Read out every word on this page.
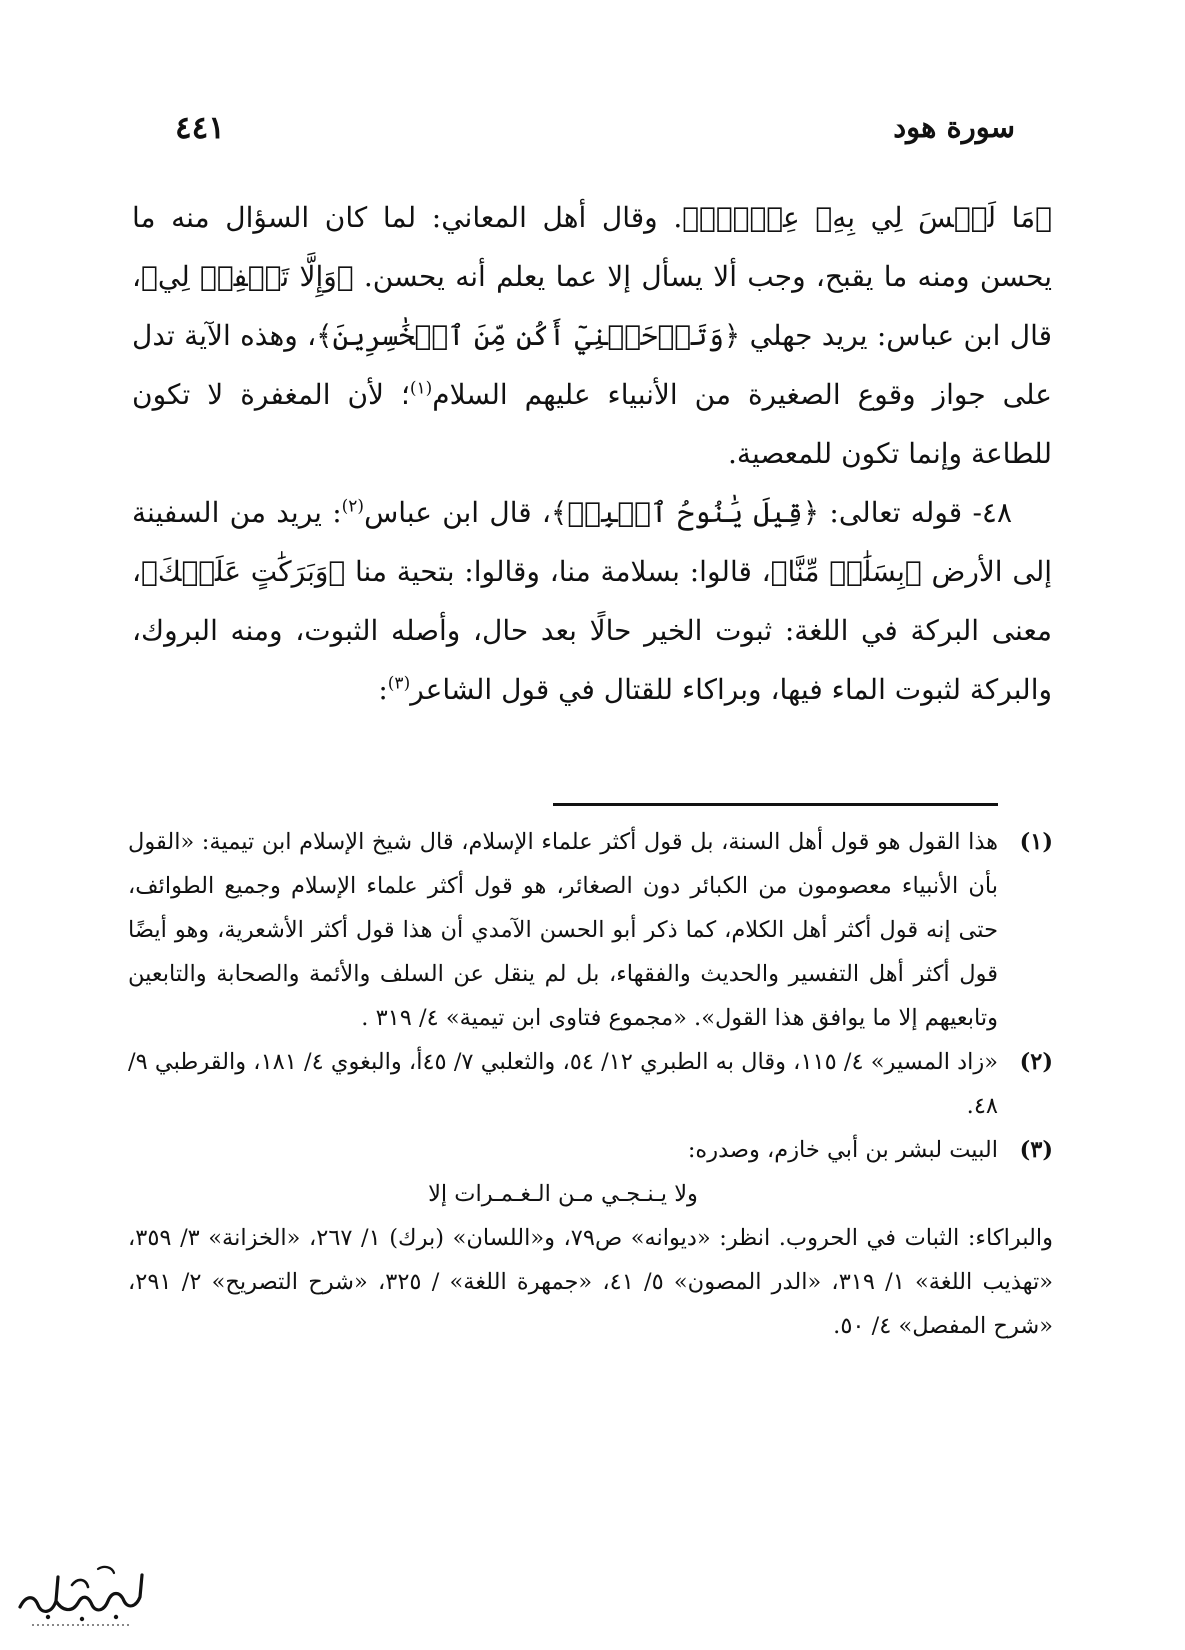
سورة هود
٤٤١

﴿مَا لَيۡسَ لِي بِهِۦ عِلۡمٌۖ﴾. وقال أهل المعاني: لما كان السؤال منه ما يحسن ومنه ما يقبح، وجب ألا يسأل إلا عما يعلم أنه يحسن. ﴿وَإِلَّا تَغۡفِرۡ لِي﴾، قال ابن عباس: يريد جهلي ﴿وَتَرۡحَمۡنِيٓ أَكُن مِّنَ ٱلۡخَٰسِرِينَ﴾، وهذه الآية تدل على جواز وقوع الصغيرة من الأنبياء عليهم السلام$^{(١)}$؛ لأن المغفرة لا تكون للطاعة وإنما تكون للمعصية.

٤٨- قوله تعالى: ﴿قِيلَ يَٰنُوحُ ٱهۡبِطۡ﴾، قال ابن عباس$^{(٢)}$: يريد من السفينة إلى الأرض ﴿بِسَلَٰمٖ مِّنَّا﴾، قالوا: بسلامة منا، وقالوا: بتحية منا ﴿وَبَرَكَٰتٍ عَلَيۡكَ﴾، معنى البركة في اللغة: ثبوت الخير حالًا بعد حال، وأصله الثبوت، ومنه البروك، والبركة لثبوت الماء فيها، وبراكاء للقتال في قول الشاعر$^{(٣)}$:

(١)
هذا القول هو قول أهل السنة، بل قول أكثر علماء الإسلام، قال شيخ الإسلام ابن تيمية: «القول بأن الأنبياء معصومون من الكبائر دون الصغائر، هو قول أكثر علماء الإسلام وجميع الطوائف، حتى إنه قول أكثر أهل الكلام، كما ذكر أبو الحسن الآمدي أن هذا قول أكثر الأشعرية، وهو أيضًا قول أكثر أهل التفسير والحديث والفقهاء، بل لم ينقل عن السلف والأئمة والصحابة والتابعين وتابعيهم إلا ما يوافق هذا القول». «مجموع فتاوى ابن تيمية» ٤/ ٣١٩ .

(٢)
«زاد المسير» ٤/ ١١٥، وقال به الطبري ١٢/ ٥٤، والثعلبي ٧/ ٤٥أ، والبغوي ٤/ ١٨١، والقرطبي ٩/ ٤٨.

(٣)
البيت لبشر بن أبي خازم، وصدره:

ولا يـنـجـي مـن الـغـمـرات إلا

والبراكاء: الثبات في الحروب. انظر: «ديوانه» ص٧٩، و«اللسان» (برك) ١/ ٢٦٧، «الخزانة» ٣/ ٣٥٩، «تهذيب اللغة» ١/ ٣١٩، «الدر المصون» ٥/ ٤١، «جمهرة اللغة» / ٣٢٥، «شرح التصريح» ٢/ ٢٩١، «شرح المفصل» ٤/ ٥٠.
